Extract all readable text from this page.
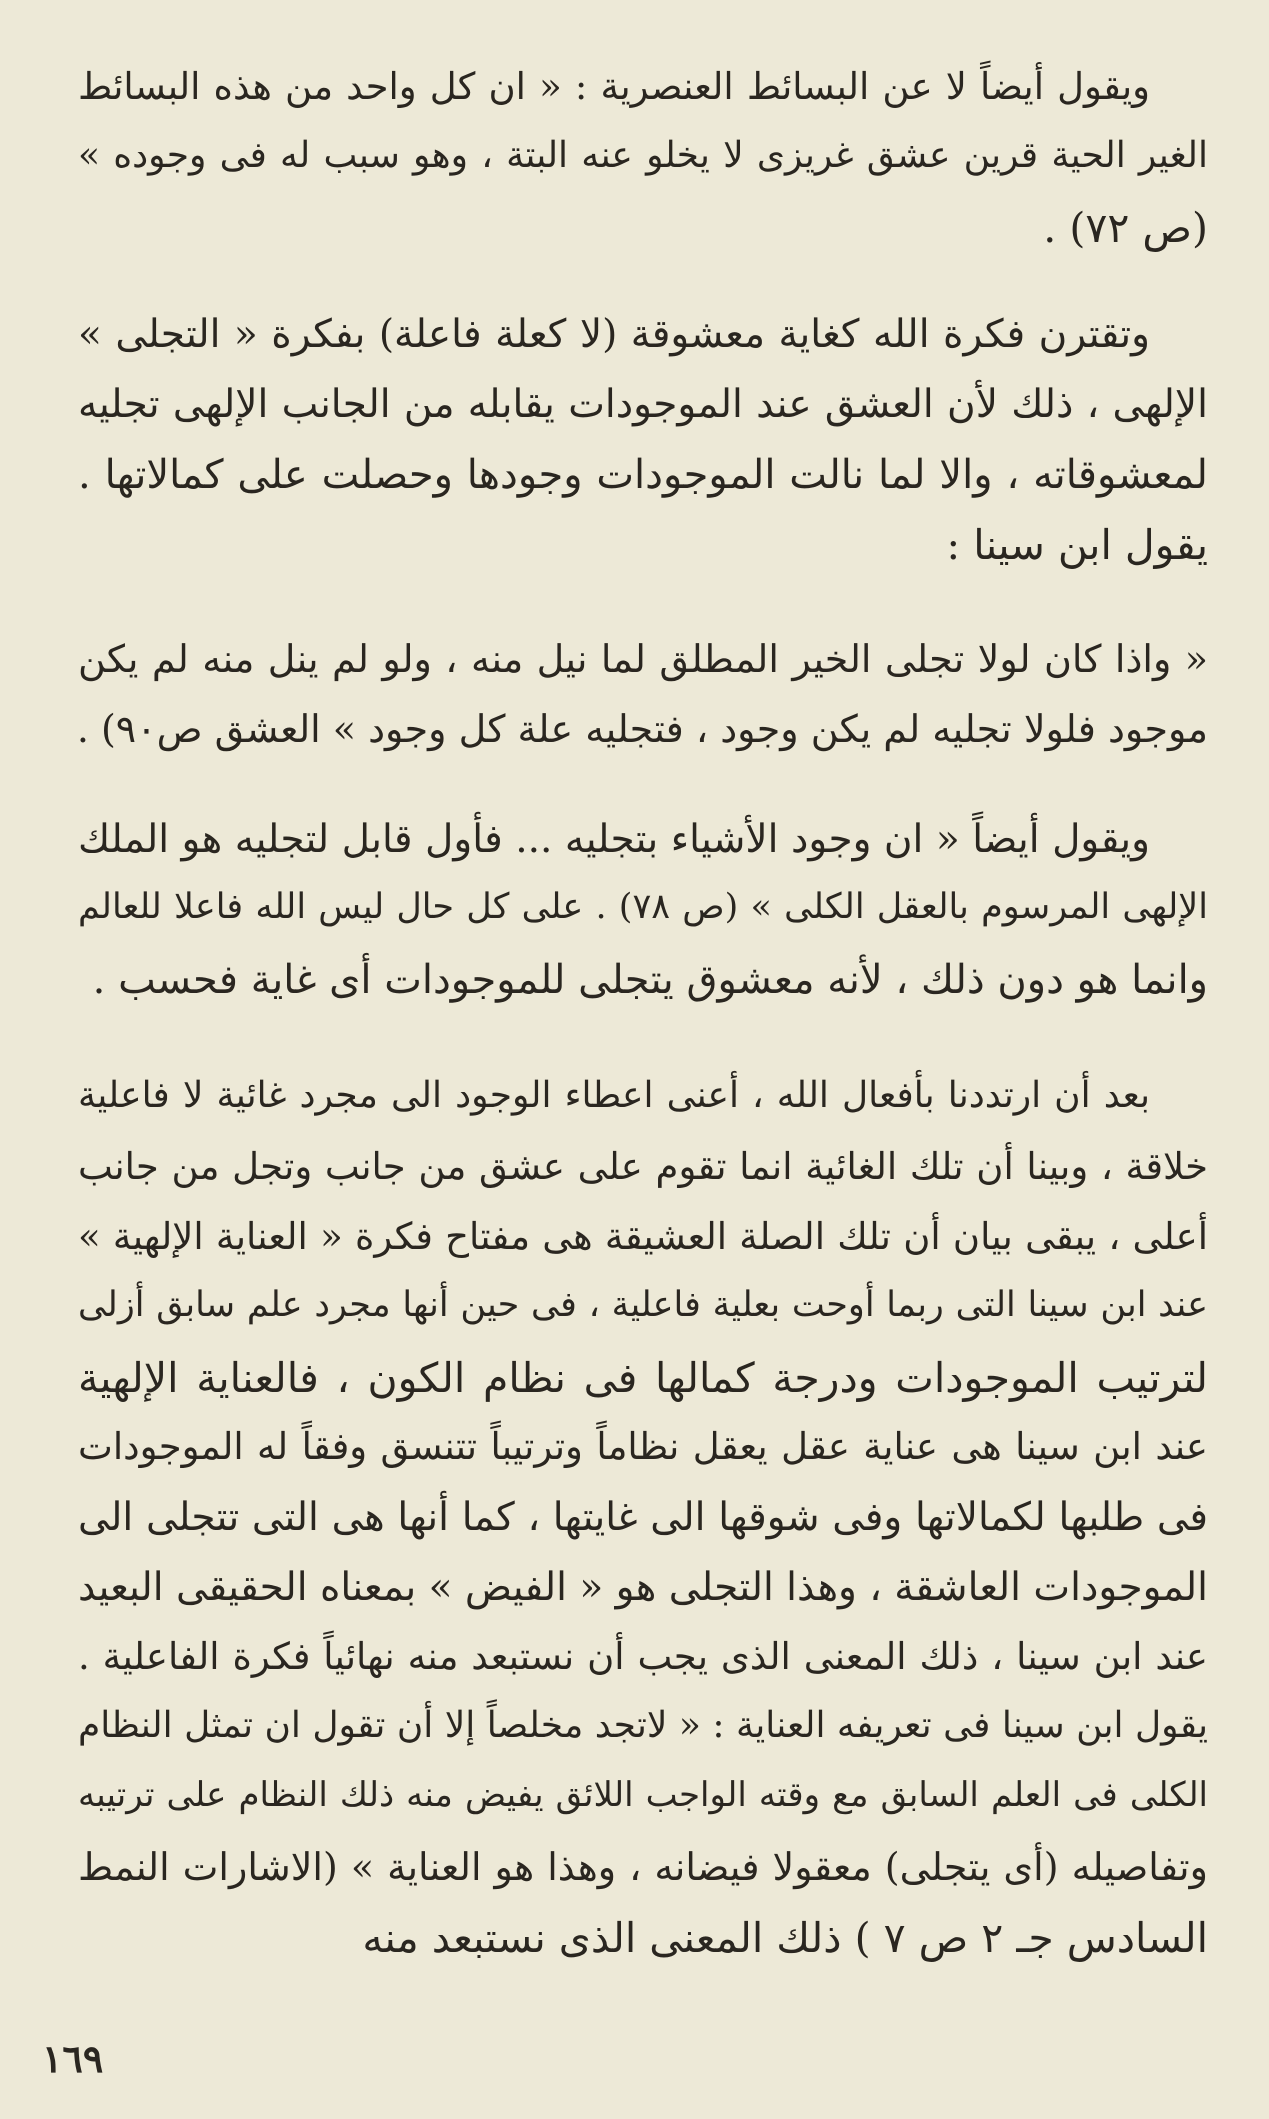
ويقول أيضاً لا عن البسائط العنصرية : « ان كل واحد من هذه البسائط
الغير الحية قرين عشق غريزى لا يخلو عنه البتة ، وهو سبب له فى وجوده »
(ص ٧٢) .
وتقترن فكرة الله كغاية معشوقة (لا كعلة فاعلة) بفكرة « التجلى »
الإلهى ، ذلك لأن العشق عند الموجودات يقابله من الجانب الإلهى تجليه
لمعشوقاته ، والا لما نالت الموجودات وجودها وحصلت على كمالاتها .
يقول ابن سينا :
« واذا كان لولا تجلى الخير المطلق لما نيل منه ، ولو لم ينل منه لم يكن
موجود فلولا تجليه لم يكن وجود ، فتجليه علة كل وجود » العشق ص٩٠) .
ويقول أيضاً « ان وجود الأشياء بتجليه ... فأول قابل لتجليه هو الملك
الإلهى المرسوم بالعقل الكلى » (ص ٧٨) . على كل حال ليس الله فاعلا للعالم
وانما هو دون ذلك ، لأنه معشوق يتجلى للموجودات أى غاية فحسب .
بعد أن ارتددنا بأفعال الله ، أعنى اعطاء الوجود الى مجرد غائية لا فاعلية
خلاقة ، وبينا أن تلك الغائية انما تقوم على عشق من جانب وتجل من جانب
أعلى ، يبقى بيان أن تلك الصلة العشيقة هى مفتاح فكرة « العناية الإلهية »
عند ابن سينا التى ربما أوحت بعلية فاعلية ، فى حين أنها مجرد علم سابق أزلى
لترتيب الموجودات ودرجة كمالها فى نظام الكون ، فالعناية الإلهية
عند ابن سينا هى عناية عقل يعقل نظاماً وترتيباً تتنسق وفقاً له الموجودات
فى طلبها لكمالاتها وفى شوقها الى غايتها ، كما أنها هى التى تتجلى الى
الموجودات العاشقة ، وهذا التجلى هو « الفيض » بمعناه الحقيقى البعيد
عند ابن سينا ، ذلك المعنى الذى يجب أن نستبعد منه نهائياً فكرة الفاعلية .
يقول ابن سينا فى تعريفه العناية : « لاتجد مخلصاً إلا أن تقول ان تمثل النظام
الكلى فى العلم السابق مع وقته الواجب اللائق يفيض منه ذلك النظام على ترتيبه
وتفاصيله (أى يتجلى) معقولا فيضانه ، وهذا هو العناية » (الاشارات النمط
السادس جـ ٢ ص ٧ ) ذلك المعنى الذى نستبعد منه
١٦٩
